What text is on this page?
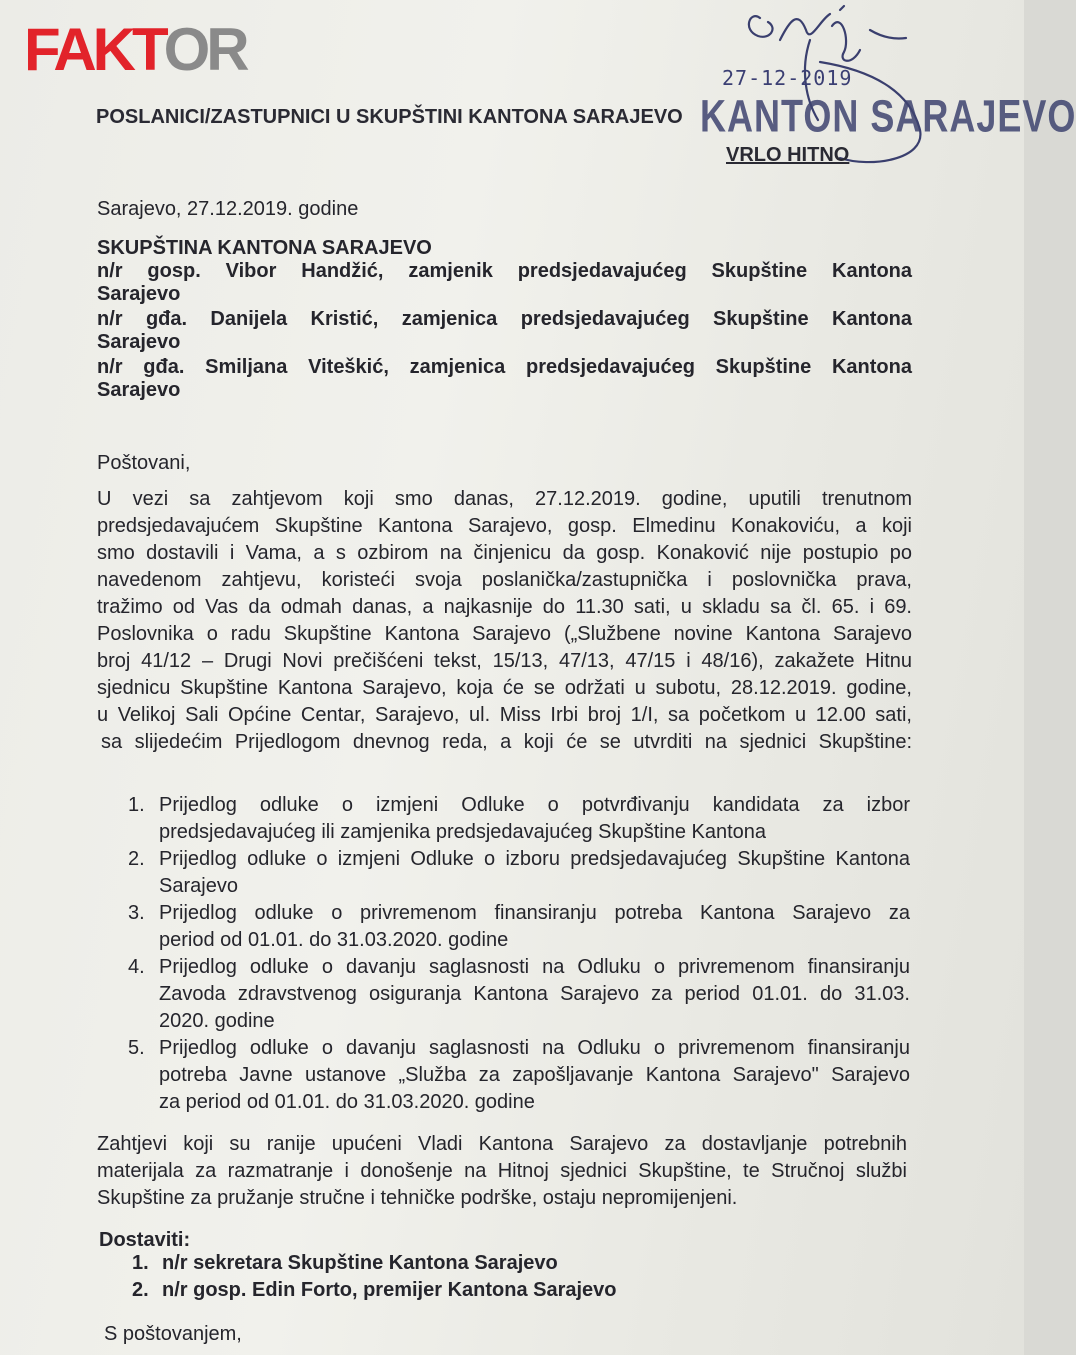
FAKTOR	27-12-2019
POSLANICI/ZASTUPNICI U SKUPŠTINI KANTONA SARAJEVO KANTON SARAJEVO
VRLO HITNO
Sarajevo, 27.12.2019. godine
SKUPŠTINA KANTONA SARAJEVO
n/r gosp. Vibor Handžić, zamjenik predsjedavajućeg Skupštine Kantona
Sarajevo
n/r gđa. Danijela Kristić, zamjenica predsjedavajućeg Skupštine Kantona
Sarajevo
n/r gđa. Smiljana Viteškić, zamjenica predsjedavajućeg Skupštine Kantona
Sarajevo
Poštovani,
U vezi sa zahtjevom koji smo danas, 27.12.2019. godine, uputili trenutnom
predsjedavajućem Skupštine Kantona Sarajevo, gosp. Elmedinu Konakoviću, a koji
smo dostavili i Vama, a s ozbirom na činjenicu da gosp. Konaković nije postupio po
navedenom zahtjevu, koristeći svoja poslanička/zastupnička i poslovnička prava,
tražimo od Vas da odmah danas, a najkasnije do 11.30 sati, u skladu sa čl. 65. i 69.
Poslovnika o radu Skupštine Kantona Sarajevo („Službene novine Kantona Sarajevo
broj 41/12 – Drugi Novi prečišćeni tekst, 15/13, 47/13, 47/15 i 48/16), zakažete Hitnu
sjednicu Skupštine Kantona Sarajevo, koja će se održati u subotu, 28.12.2019. godine,
u Velikoj Sali Općine Centar, Sarajevo, ul. Miss Irbi broj 1/I, sa početkom u 12.00 sati,
sa slijedećim Prijedlogom dnevnog reda, a koji će se utvrditi na sjednici Skupštine:
1. Prijedlog odluke o izmjeni Odluke o potvrđivanju kandidata za izbor
predsjedavajućeg ili zamjenika predsjedavajućeg Skupštine Kantona
2. Prijedlog odluke o izmjeni Odluke o izboru predsjedavajućeg Skupštine Kantona
Sarajevo
3. Prijedlog odluke o privremenom finansiranju potreba Kantona Sarajevo za
period od 01.01. do 31.03.2020. godine
4. Prijedlog odluke o davanju saglasnosti na Odluku o privremenom finansiranju
Zavoda zdravstvenog osiguranja Kantona Sarajevo za period 01.01. do 31.03.
2020. godine
5. Prijedlog odluke o davanju saglasnosti na Odluku o privremenom finansiranju
potreba Javne ustanove „Služba za zapošljavanje Kantona Sarajevo" Sarajevo
za period od 01.01. do 31.03.2020. godine
Zahtjevi koji su ranije upućeni Vladi Kantona Sarajevo za dostavljanje potrebnih
materijala za razmatranje i donošenje na Hitnoj sjednici Skupštine, te Stručnoj službi
Skupštine za pružanje stručne i tehničke podrške, ostaju nepromijenjeni.
Dostaviti:
1. n/r sekretara Skupštine Kantona Sarajevo
2. n/r gosp. Edin Forto, premijer Kantona Sarajevo
S poštovanjem,
